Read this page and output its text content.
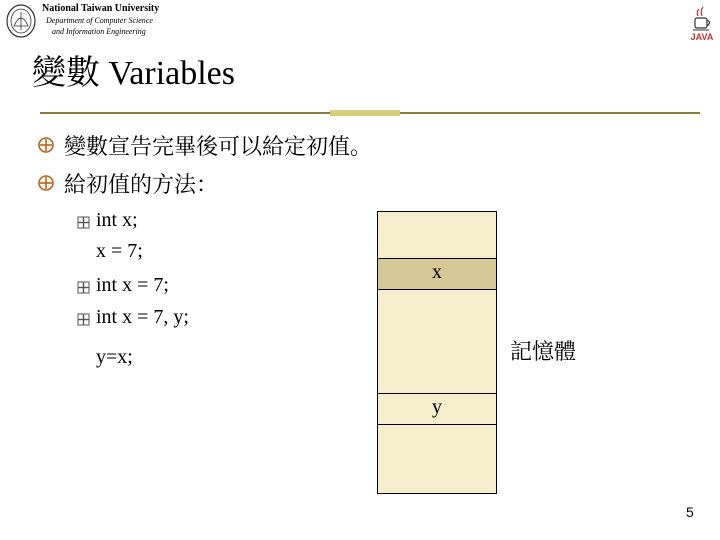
National Taiwan University
Department of Computer Science
and Information Engineering
JAVA
變數 Variables
變數宣告完畢後可以給定初值。
給初值的方法：
int x;
x = 7;
int x = 7;
int x = 7, y;
y=x;
x
y
記憶體
5
